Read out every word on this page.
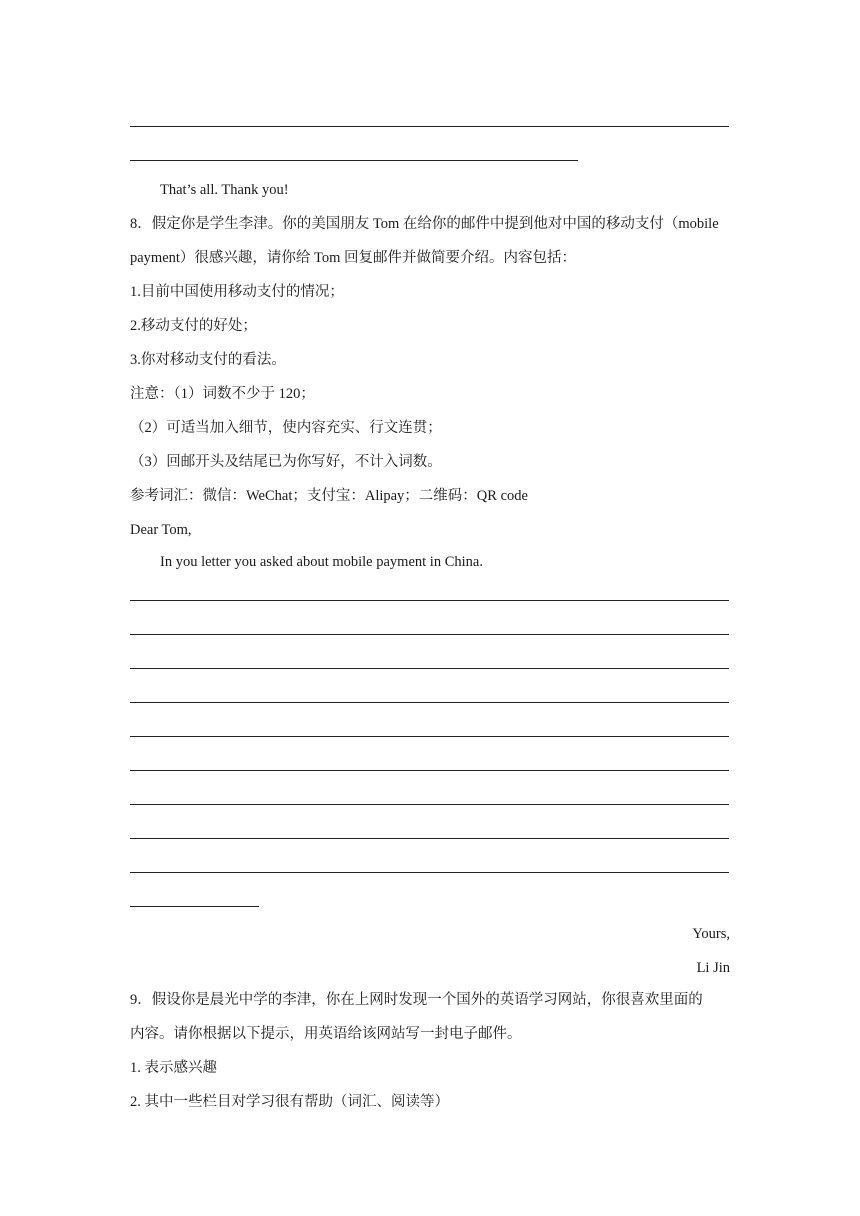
That’s all. Thank you!
8．假定你是学生李津。你的美国朋友 Tom 在给你的邮件中提到他对中国的移动支付（mobile
payment）很感兴趣，请你给 Tom 回复邮件并做简要介绍。内容包括：
1.目前中国使用移动支付的情况；
2.移动支付的好处；
3.你对移动支付的看法。
注意：（1）词数不少于 120；
（2）可适当加入细节，使内容充实、行文连贯；
（3）回邮开头及结尾已为你写好，不计入词数。
参考词汇：微信：WeChat；支付宝：Alipay；二维码：QR code
Dear Tom,
In you letter you asked about mobile payment in China.
Yours,
Li Jin
9．假设你是晨光中学的李津，你在上网时发现一个国外的英语学习网站，你很喜欢里面的
内容。请你根据以下提示，用英语给该网站写一封电子邮件。
1. 表示感兴趣
2. 其中一些栏目对学习很有帮助（词汇、阅读等）
